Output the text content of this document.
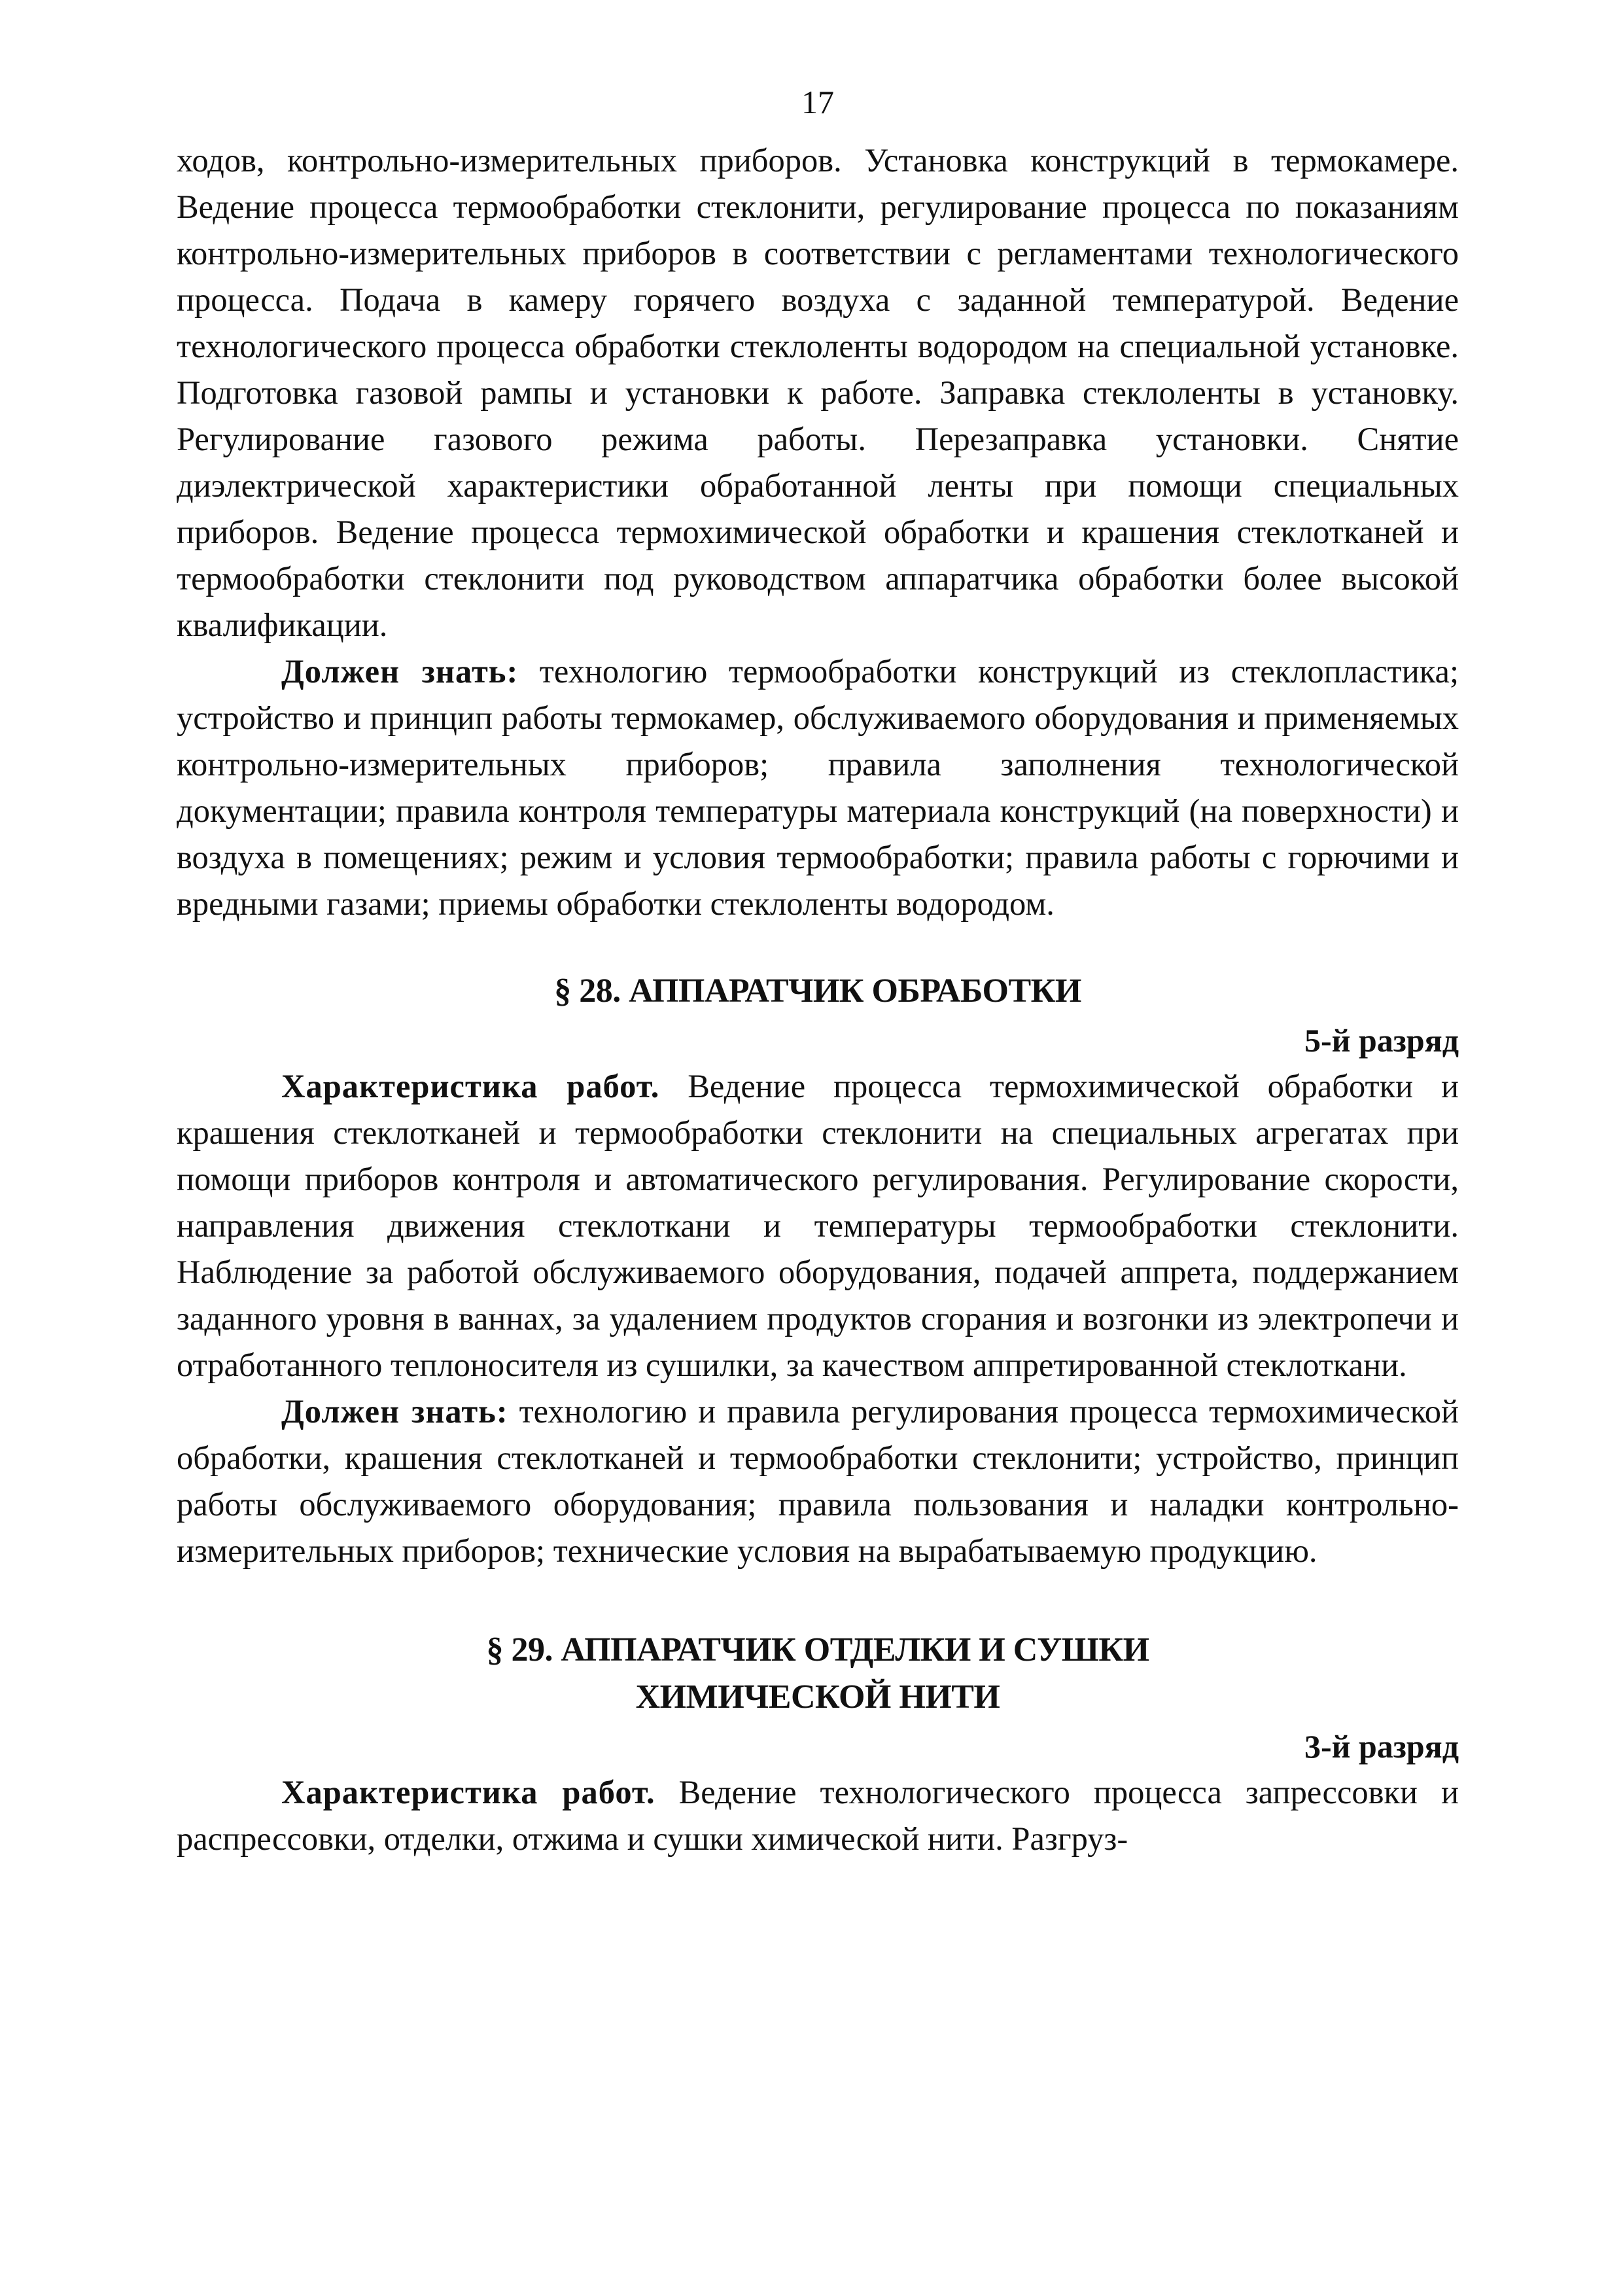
17

ходов, контрольно-измерительных приборов. Установка конструкций в термокамере. Ведение процесса термообработки стеклонити, регулирование процесса по показаниям контрольно-измерительных приборов в соответствии с регламентами технологического процесса. Подача в камеру горячего воздуха с заданной температурой. Ведение технологического процесса обработки стеклоленты водородом на специальной установке. Подготовка газовой рампы и установки к работе. Заправка стеклоленты в установку. Регулирование газового режима работы. Перезаправка установки. Снятие диэлектрической характеристики обработанной ленты при помощи специальных приборов. Ведение процесса термохимической обработки и крашения стеклотканей и термообработки стеклонити под руководством аппаратчика обработки более высокой квалификации.

Должен знать: технологию термообработки конструкций из стеклопластика; устройство и принцип работы термокамер, обслуживаемого оборудования и применяемых контрольно-измерительных приборов; правила заполнения технологической документации; правила контроля температуры материала конструкций (на поверхности) и воздуха в помещениях; режим и условия термообработки; правила работы с горючими и вредными газами; приемы обработки стеклоленты водородом.

§ 28. АППАРАТЧИК ОБРАБОТКИ
5-й разряд

Характеристика работ. Ведение процесса термохимической обработки и крашения стеклотканей и термообработки стеклонити на специальных агрегатах при помощи приборов контроля и автоматического регулирования. Регулирование скорости, направления движения стеклоткани и температуры термообработки стеклонити. Наблюдение за работой обслуживаемого оборудования, подачей аппрета, поддержанием заданного уровня в ваннах, за удалением продуктов сгорания и возгонки из электропечи и отработанного теплоносителя из сушилки, за качеством аппретированной стеклоткани.

Должен знать: технологию и правила регулирования процесса термохимической обработки, крашения стеклотканей и термообработки стеклонити; устройство, принцип работы обслуживаемого оборудования; правила пользования и наладки контрольно-измерительных приборов; технические условия на вырабатываемую продукцию.

§ 29. АППАРАТЧИК ОТДЕЛКИ И СУШКИ
ХИМИЧЕСКОЙ НИТИ
3-й разряд

Характеристика работ. Ведение технологического процесса запрессовки и распрессовки, отделки, отжима и сушки химической нити. Разгруз-
